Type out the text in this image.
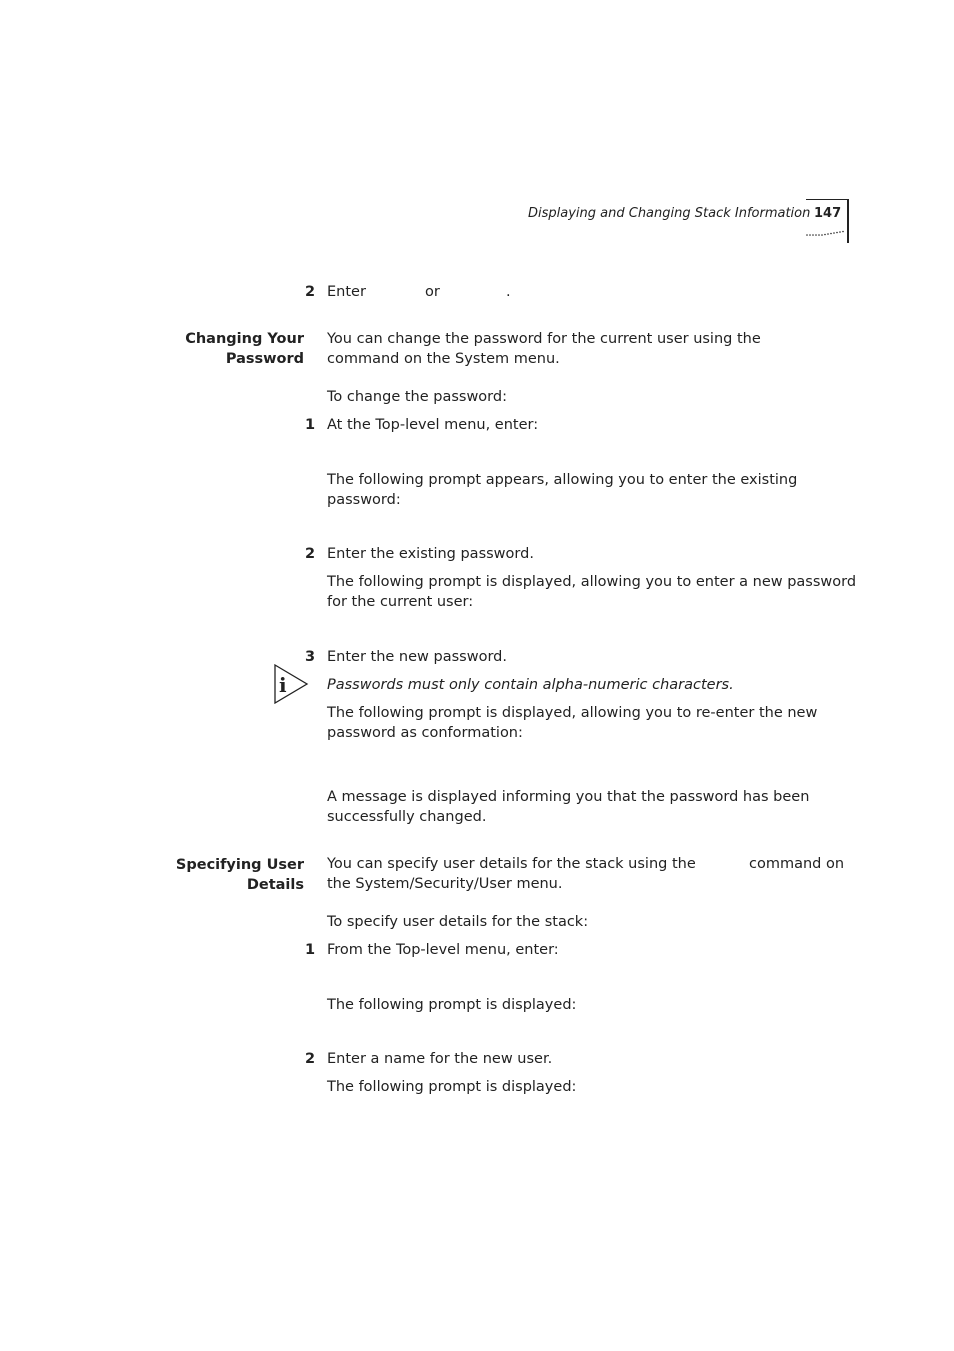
Displaying and Changing Stack Information 147
2 Enter	or	.
Changing Your
Password
You can change the password for the current user using the
command on the System menu.
To change the password:
1 At the Top-level menu, enter:
The following prompt appears, allowing you to enter the existing
password:
2 Enter the existing password.
The following prompt is displayed, allowing you to enter a new password
for the current user:
3 Enter the new password.
i	Passwords must only contain alpha-numeric characters.
The following prompt is displayed, allowing you to re-enter the new
password as conformation:
A message is displayed informing you that the password has been
successfully changed.
Specifying User
Details
You can specify user details for the stack using the	command on
the System/Security/User menu.
To specify user details for the stack:
1 From the Top-level menu, enter:
The following prompt is displayed:
2 Enter a name for the new user.
The following prompt is displayed:
